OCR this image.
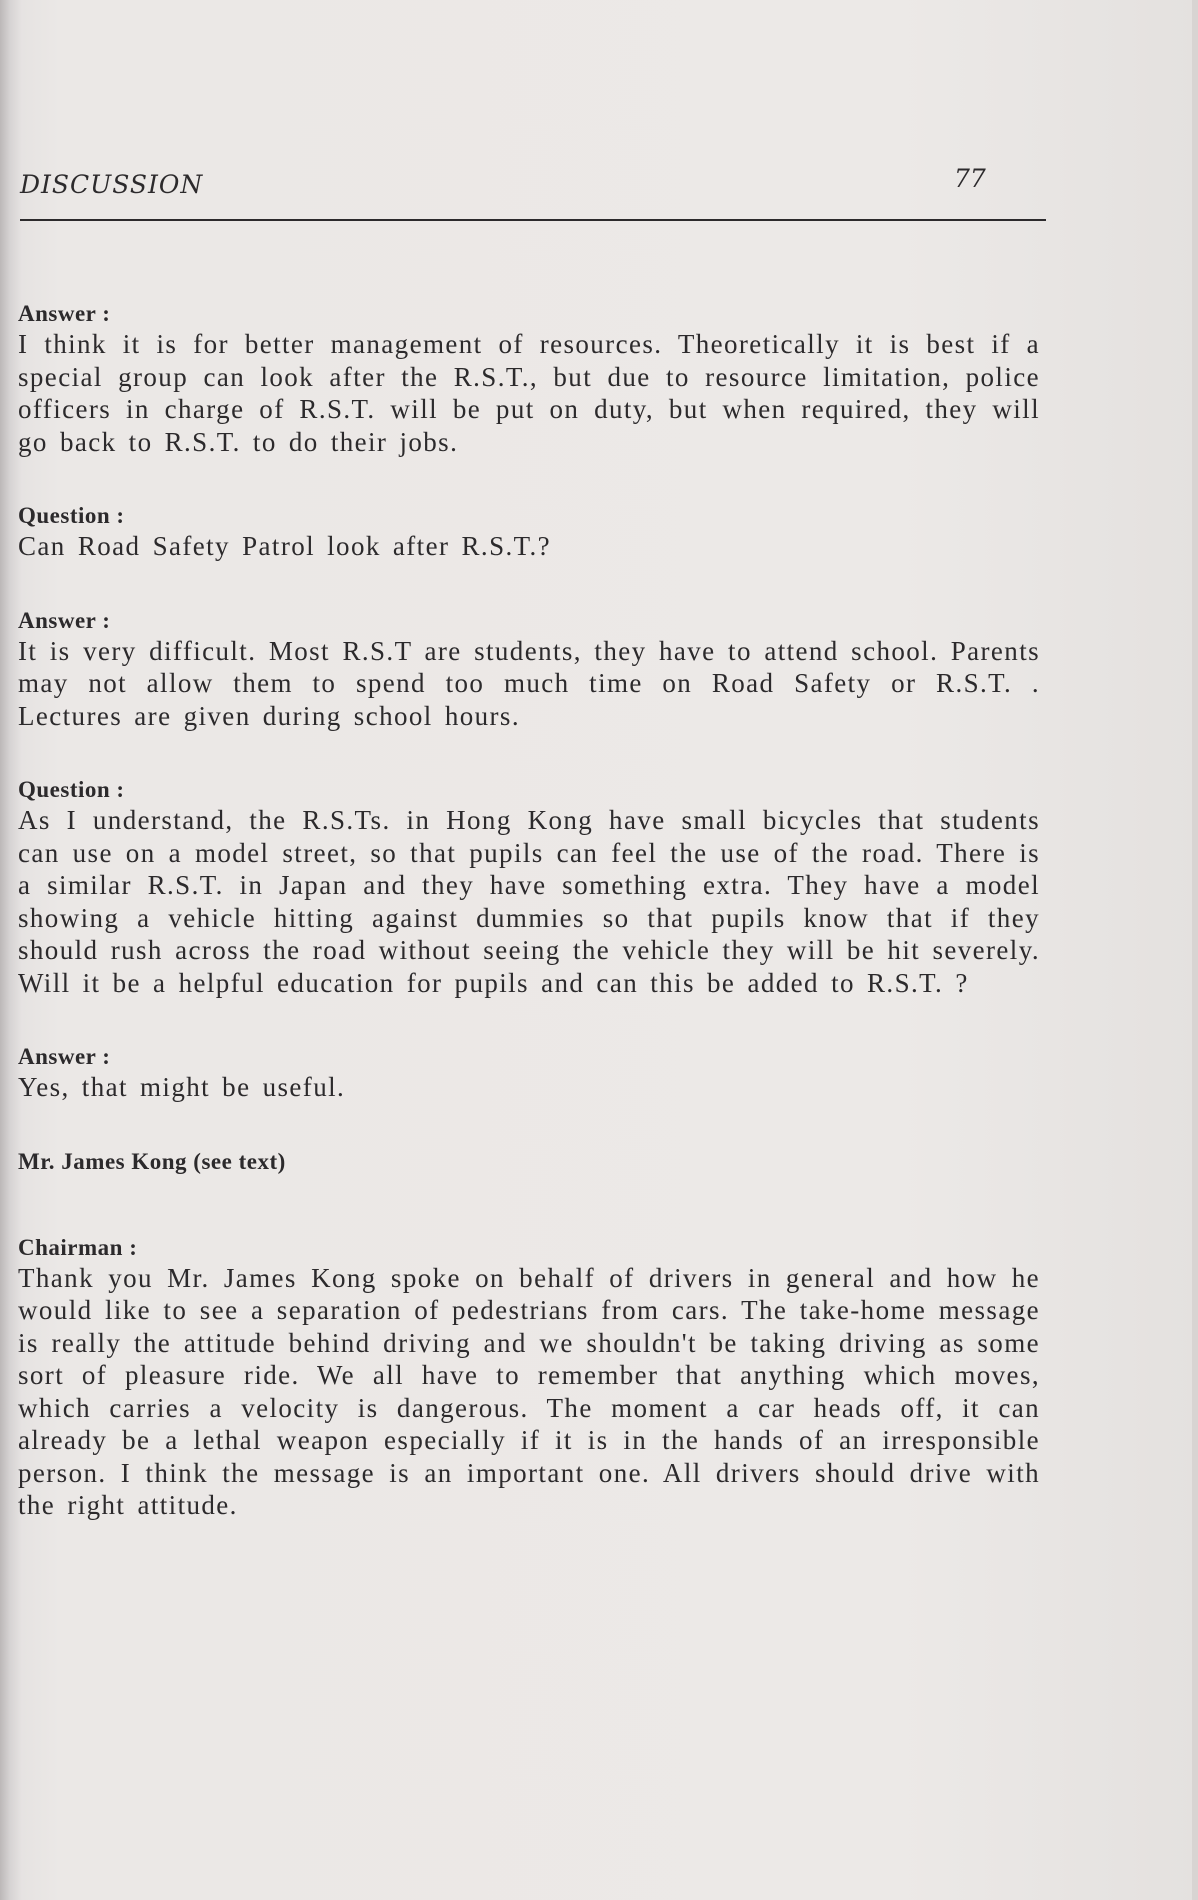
DISCUSSION	77

Answer :

I think it is for better management of resources. Theoretically it is best if a special group can look after the R.S.T., but due to resource limitation, police officers in charge of R.S.T. will be put on duty, but when required, they will go back to R.S.T. to do their jobs.

Question :

Can Road Safety Patrol look after R.S.T.?

Answer :

It is very difficult. Most R.S.T are students, they have to attend school. Parents may not allow them to spend too much time on Road Safety or R.S.T. . Lectures are given during school hours.

Question :

As I understand, the R.S.Ts. in Hong Kong have small bicycles that students can use on a model street, so that pupils can feel the use of the road. There is a similar R.S.T. in Japan and they have something extra. They have a model showing a vehicle hitting against dummies so that pupils know that if they should rush across the road without seeing the vehicle they will be hit severely. Will it be a helpful education for pupils and can this be added to R.S.T. ?

Answer :

Yes, that might be useful.

Mr. James Kong (see text)

Chairman :

Thank you Mr. James Kong spoke on behalf of drivers in general and how he would like to see a separation of pedestrians from cars. The take-home message is really the attitude behind driving and we shouldn't be taking driving as some sort of pleasure ride. We all have to remember that anything which moves, which carries a velocity is dangerous. The moment a car heads off, it can already be a lethal weapon especially if it is in the hands of an irresponsible person. I think the message is an important one. All drivers should drive with the right attitude.
